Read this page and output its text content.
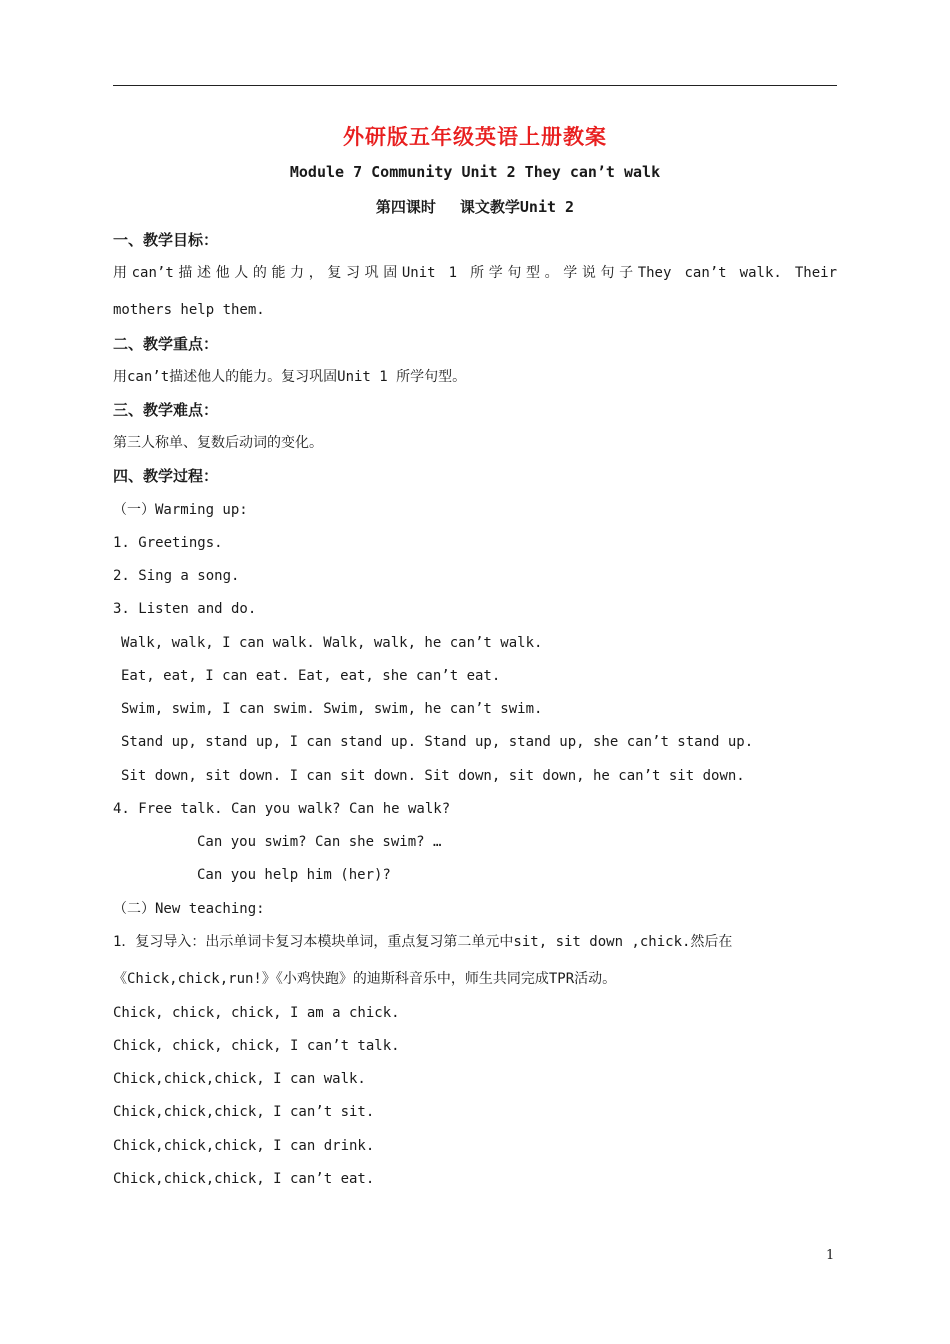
外研版五年级英语上册教案
Module 7 Community Unit 2 They can’t walk
第四课时 课文教学Unit 2
一、教学目标：
用can’t描述他人的能力，复习巩固Unit 1 所学句型。学说句子They can’t walk. Their
mothers help them.
二、教学重点：
用can’t描述他人的能力。复习巩固Unit 1 所学句型。
三、教学难点：
第三人称单、复数后动词的变化。
四、教学过程：
（一）Warming up:
1. Greetings.
2. Sing a song.
3. Listen and do.
Walk, walk, I can walk. Walk, walk, he can’t walk.
Eat, eat, I can eat. Eat, eat, she can’t eat.
Swim, swim, I can swim. Swim, swim, he can’t swim.
Stand up, stand up, I can stand up. Stand up, stand up, she can’t stand up.
Sit down, sit down. I can sit down. Sit down, sit down, he can’t sit down.
4. Free talk. Can you walk? Can he walk?
Can you swim? Can she swim? …
Can you help him (her)?
（二）New teaching:
1．复习导入：出示单词卡复习本模块单词，重点复习第二单元中sit, sit down ,chick.然后在
《Chick,chick,run!》《小鸡快跑》的迪斯科音乐中，师生共同完成TPR活动。
Chick, chick, chick, I am a chick.
Chick, chick, chick, I can’t talk.
Chick,chick,chick, I can walk.
Chick,chick,chick, I can’t sit.
Chick,chick,chick, I can drink.
Chick,chick,chick, I can’t eat.
1
